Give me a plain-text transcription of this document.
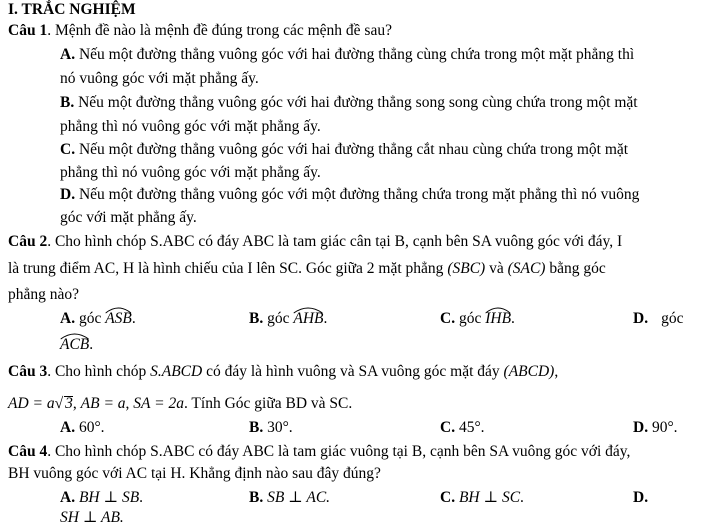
I. TRẮC NGHIỆM
Câu 1. Mệnh đề nào là mệnh đề đúng trong các mệnh đề sau?
A. Nếu một đường thẳng vuông góc với hai đường thẳng cùng chứa trong một mặt phẳng thì
nó vuông góc với mặt phẳng ấy.
B. Nếu một đường thẳng vuông góc với hai đường thẳng song song cùng chứa trong một mặt
phẳng thì nó vuông góc với mặt phẳng ấy.
C. Nếu một đường thẳng vuông góc với hai đường thẳng cắt nhau cùng chứa trong một mặt
phẳng thì nó vuông góc với mặt phẳng ấy.
D. Nếu một đường thẳng vuông góc với một đường thẳng chứa trong mặt phẳng thì nó vuông
góc với mặt phẳng ấy.
Câu 2. Cho hình chóp S.ABC có đáy ABC là tam giác cân tại B, cạnh bên SA vuông góc với đáy, I
là trung điểm AC, H là hình chiếu của I lên SC. Góc giữa 2 mặt phẳng (SBC) và (SAC) bằng góc
phẳng nào?
A. góc
ASB.	B. góc
AHB.	C. góc
IHB.	D. góc
ACB.
Câu 3. Cho hình chóp S.ABCD có đáy là hình vuông và SA vuông góc mặt đáy (ABCD),
AD = a√ 3, AB = a, SA = 2a. Tính Góc giữa BD và SC.
A. 60°.	B. 30°.	C. 45°.	D. 90°.
Câu 4. Cho hình chóp S.ABC có đáy ABC là tam giác vuông tại B, cạnh bên SA vuông góc với đáy,
BH vuông góc với AC tại H. Khẳng định nào sau đây đúng?
A. BH ⊥ SB.	B. SB ⊥ AC.	C. BH ⊥ SC.	D.
SH ⊥ AB.
